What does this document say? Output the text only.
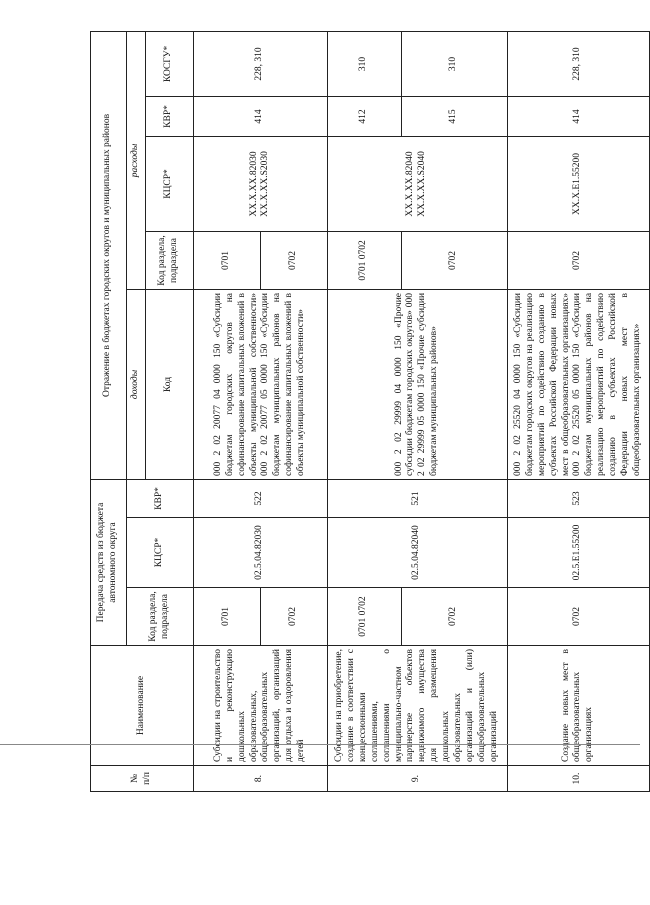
№ п/п	Наименование	Передача средств из бюджета автономного округа			Отражение в бюджетах городских округов и муниципальных районов				
		Код раздела, подраздела	КЦСР*	КВР*	доходы	расходы			
					Код	Код раздела, подраздела	КЦСР*	КВР*	КОСГУ*
8.	Субсидии на строительство и реконструкцию дошкольных образовательных, общеобразовательных организаций, организаций для отдыха и оздоровления детей	0701	02.5.04.82030	522	000 2 02 20077 04 0000 150 «Субсидии бюджетам городских округов на софинансирование капитальных вложений в объекты муниципальной собственности» 000 2 02 20077 05 0000 150 «Субсидии бюджетам муниципальных районов на софинансирование капитальных вложений в объекты муниципальной собственности»	0701	XX.X.XX.82030 XX.X.XX.S2030	414	228, 310
		0702				0702			
9.	Субсидии на приобретение, создание в соответствии с концессионными соглашениями, соглашениями о муниципально-частном партнерстве объектов недвижимого имущества для размещения дошкольных образовательных организаций и (или) общеобразовательных организаций	0701 0702	02.5.04.82040	521	000 2 02 29999 04 0000 150 «Прочие субсидии бюджетам городских округов» 000 2 02 29999 05 0000 150 «Прочие субсидии бюджетам муниципальных районов»	0701 0702	XX.X.XX.82040 XX.X.XX.S2040	412	310
		0702				0702		415	310
10.	Создание новых мест в общеобразовательных организациях	0702	02.5.E1.55200	523	000 2 02 25520 04 0000 150 «Субсидии бюджетам городских округов на реализацию мероприятий по содействию созданию в субъектах Российской Федерации новых мест в общеобразовательных организациях» 000 2 02 25520 05 0000 150 «Субсидии бюджетам муниципальных районов на реализацию мероприятий по содействию созданию в субъектах Российской Федерации новых мест в общеобразовательных организациях»	0702	XX.X.E1.55200	414	228, 310
